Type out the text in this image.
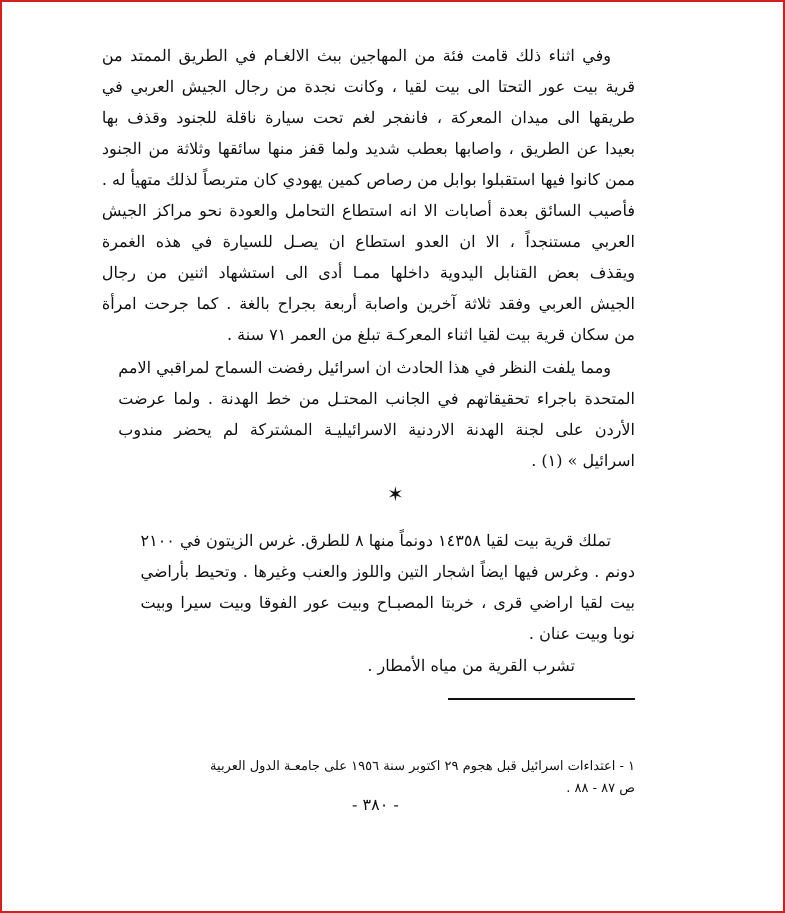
وفي اثناء ذلك قامت فئة من المهاجين ببث الالغـام في الطريق الممتد من
قرية بيت عور التحتا الى بيت لقيا ، وكانت نجدة من رجال الجيش العربي في
طريقها الى ميدان المعركة ، فانفجر لغم تحت سيارة ناقلة للجنود وقذف بها
بعيدا عن الطريق ، واصابها بعطب شديد ولما قفز منها سائقها وثلاثة من الجنود
ممن كانوا فيها استقبلوا بوابل من رصاص كمين يهودي كان متربصاً لذلك متهيأ له .
فأصيب السائق بعدة أصابات الا انه استطاع التحامل والعودة نحو مراكز الجيش
العربي مستنجداً ، الا ان العدو استطاع ان يصـل للسيارة في هذه الغمرة
ويقذف بعض القنابل اليدوية داخلها ممـا أدى الى استشهاد اثنين من رجال
الجيش العربي وفقد ثلاثة آخرين واصابة أربعة بجراح بالغة . كما جرحت امرأة
من سكان قرية بيت لقيا اثناء المعركـة تبلغ من العمر ٧١ سنة .
ومما يلفت النظر في هذا الحادث ان اسرائيل رفضت السماح لمراقبي الامم
المتحدة باجراء تحقيقاتهم في الجانب المحتـل من خط الهدنة . ولما عرضت
الأردن على لجنة الهدنة الاردنية الاسرائيليـة المشتركة لم يحضر مندوب
اسرائيل » (١) .
✶
تملك قرية بيت لقيا ١٤٣٥٨ دونماً منها ٨ للطرق. غرس الزيتون في ٢١٠٠
دونم . وغرس فيها ايضاً اشجار التين واللوز والعنب وغيرها . وتحيط بأراضي
بيت لقيا اراضي قرى ، خربتا المصبـاح وبيت عور الفوقا وبيت سيرا وبيت
نوبا وبيت عنان .
تشرب القرية من مياه الأمطار .
١ - اعتداءات اسرائيل قبل هجوم ٢٩ اكتوبر سنة ١٩٥٦ على جامعـة الدول العربية
ص ٨٧ - ٨٨ .
- ٣٨٠ -
